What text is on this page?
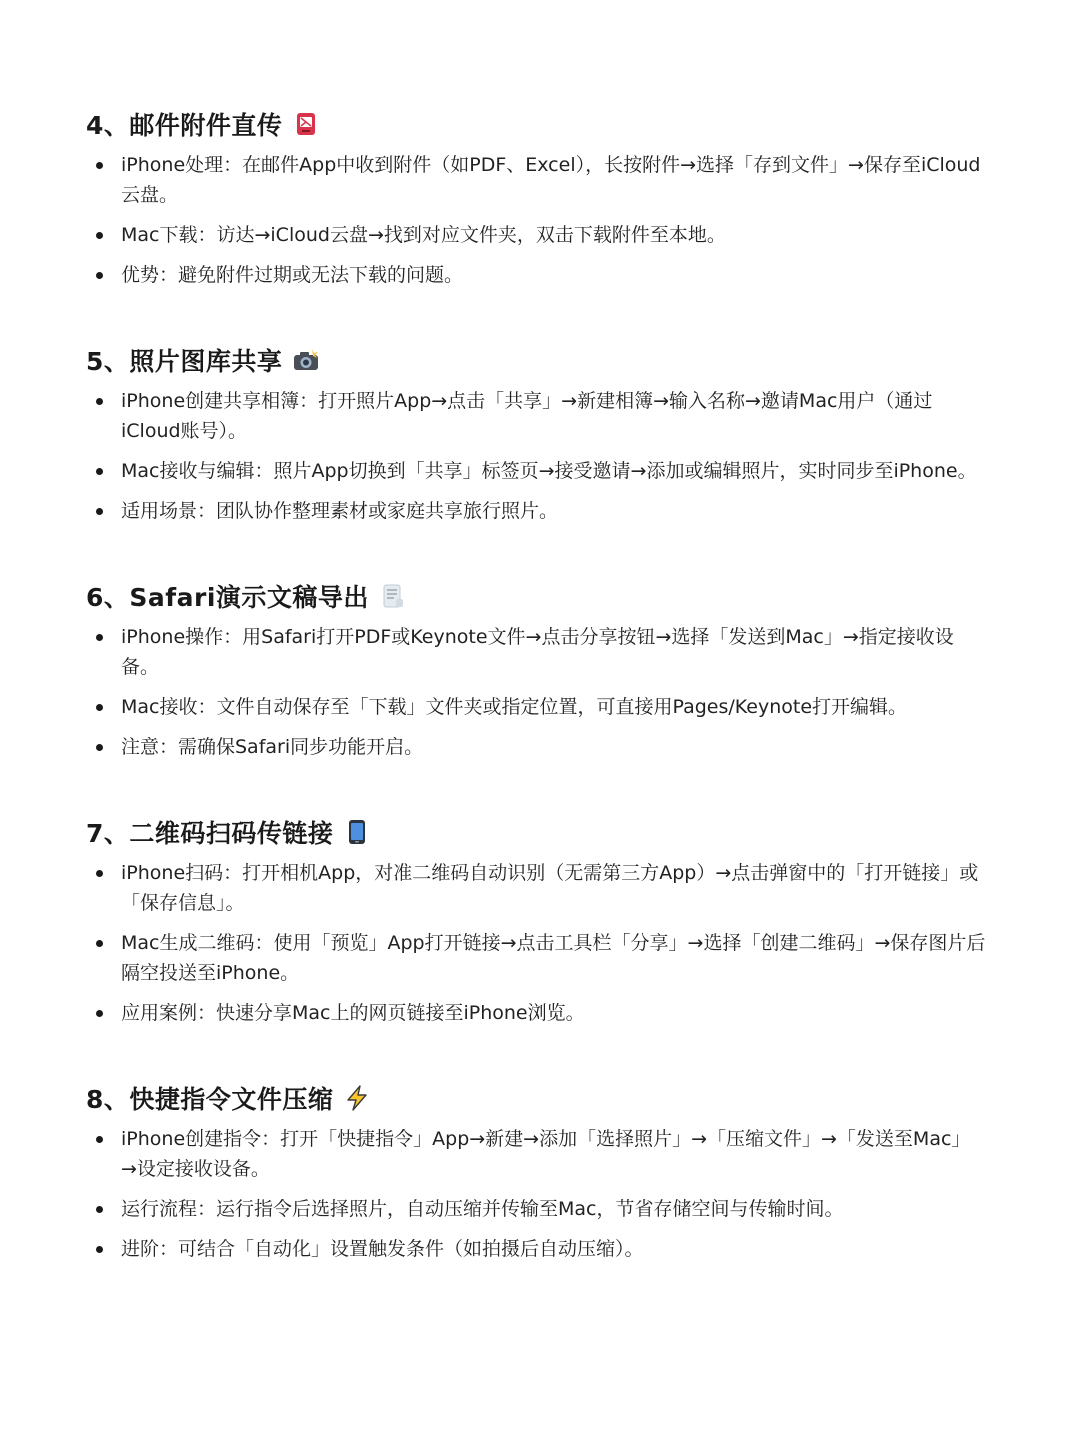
4、邮件附件直传
iPhone处理：在邮件App中收到附件（如PDF、Excel），长按附件→选择「存到文件」→保存至iCloud云盘。
Mac下载：访达→iCloud云盘→找到对应文件夹，双击下载附件至本地。
优势：避免附件过期或无法下载的问题。
5、照片图库共享
iPhone创建共享相簿：打开照片App→点击「共享」→新建相簿→输入名称→邀请Mac用户（通过iCloud账号）。
Mac接收与编辑：照片App切换到「共享」标签页→接受邀请→添加或编辑照片，实时同步至iPhone。
适用场景：团队协作整理素材或家庭共享旅行照片。
6、Safari演示文稿导出
iPhone操作：用Safari打开PDF或Keynote文件→点击分享按钮→选择「发送到Mac」→指定接收设备。
Mac接收：文件自动保存至「下载」文件夹或指定位置，可直接用Pages/Keynote打开编辑。
注意：需确保Safari同步功能开启。
7、二维码扫码传链接
iPhone扫码：打开相机App，对准二维码自动识别（无需第三方App）→点击弹窗中的「打开链接」或「保存信息」。
Mac生成二维码：使用「预览」App打开链接→点击工具栏「分享」→选择「创建二维码」→保存图片后隔空投送至iPhone。
应用案例：快速分享Mac上的网页链接至iPhone浏览。
8、快捷指令文件压缩
iPhone创建指令：打开「快捷指令」App→新建→添加「选择照片」→「压缩文件」→「发送至Mac」→设定接收设备。
运行流程：运行指令后选择照片，自动压缩并传输至Mac，节省存储空间与传输时间。
进阶：可结合「自动化」设置触发条件（如拍摄后自动压缩）。
